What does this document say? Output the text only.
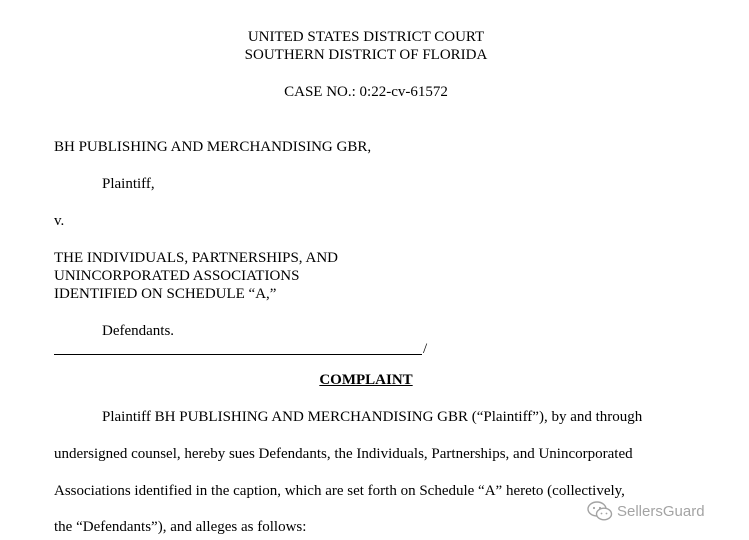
UNITED STATES DISTRICT COURT
SOUTHERN DISTRICT OF FLORIDA
CASE NO.: 0:22-cv-61572
BH PUBLISHING AND MERCHANDISING GBR,
Plaintiff,
v.
THE INDIVIDUALS, PARTNERSHIPS, AND
UNINCORPORATED ASSOCIATIONS
IDENTIFIED ON SCHEDULE “A,”
Defendants.
/
COMPLAINT
Plaintiff BH PUBLISHING AND MERCHANDISING GBR (“Plaintiff”), by and through
undersigned counsel, hereby sues Defendants, the Individuals, Partnerships, and Unincorporated
Associations identified in the caption, which are set forth on Schedule “A” hereto (collectively,
the “Defendants”), and alleges as follows:
SellersGuard
